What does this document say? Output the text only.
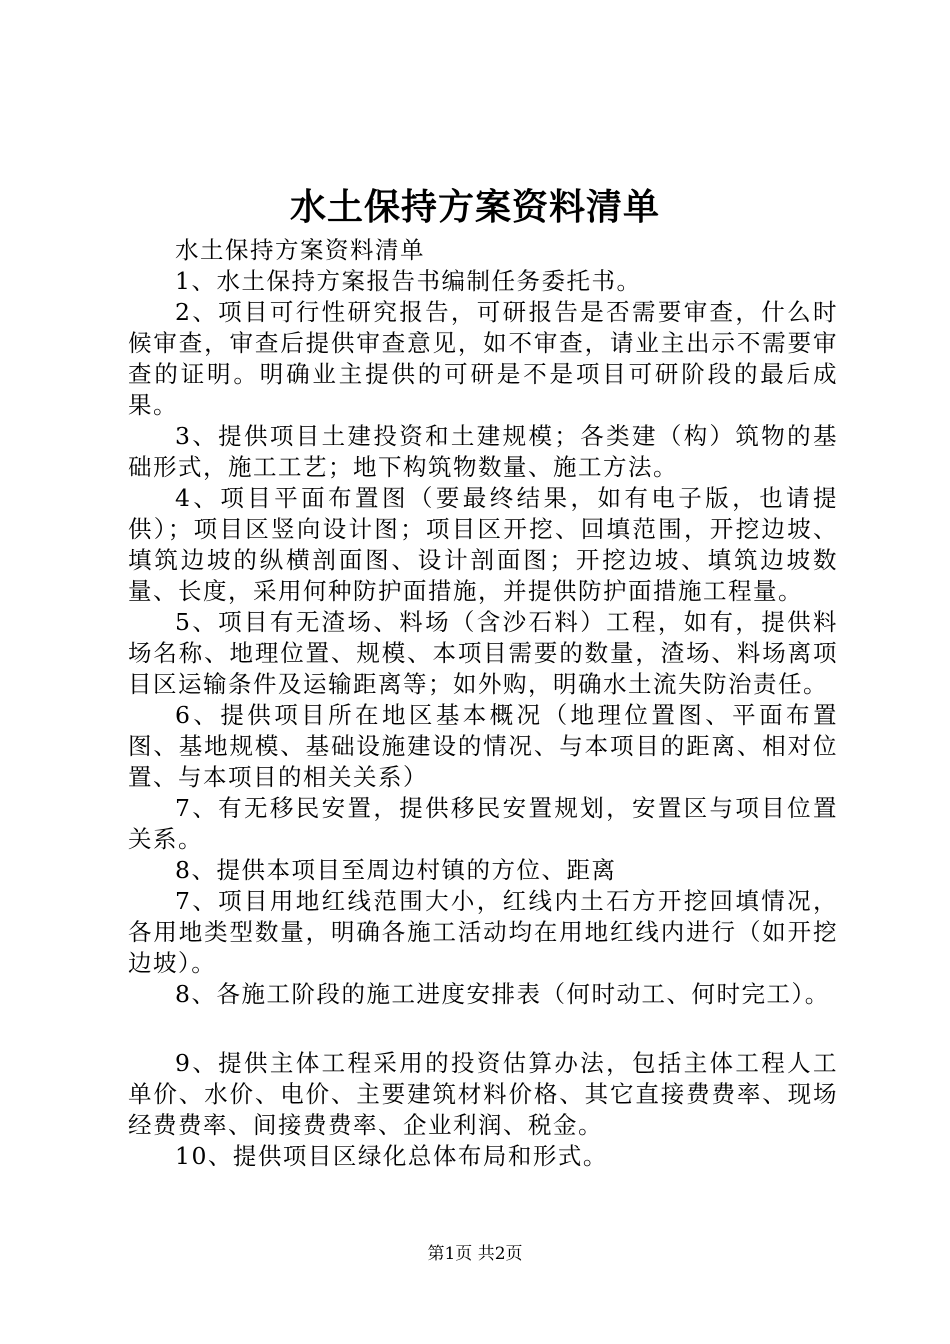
水土保持方案资料清单

水土保持方案资料清单

1、水土保持方案报告书编制任务委托书。

2、项目可行性研究报告，可研报告是否需要审查，什么时候审查，审查后提供审查意见，如不审查，请业主出示不需要审查的证明。明确业主提供的可研是不是项目可研阶段的最后成果。

3、提供项目土建投资和土建规模；各类建（构）筑物的基础形式，施工工艺；地下构筑物数量、施工方法。

4、项目平面布置图（要最终结果，如有电子版，也请提供）；项目区竖向设计图；项目区开挖、回填范围，开挖边坡、填筑边坡的纵横剖面图、设计剖面图；开挖边坡、填筑边坡数量、长度，采用何种防护面措施，并提供防护面措施工程量。

5、项目有无渣场、料场（含沙石料）工程，如有，提供料场名称、地理位置、规模、本项目需要的数量，渣场、料场离项目区运输条件及运输距离等；如外购，明确水土流失防治责任。

6、提供项目所在地区基本概况（地理位置图、平面布置图、基地规模、基础设施建设的情况、与本项目的距离、相对位置、与本项目的相关关系）

7、有无移民安置，提供移民安置规划，安置区与项目位置关系。

8、提供本项目至周边村镇的方位、距离

7、项目用地红线范围大小，红线内土石方开挖回填情况，各用地类型数量，明确各施工活动均在用地红线内进行（如开挖边坡）。

8、各施工阶段的施工进度安排表（何时动工、何时完工）。

9、提供主体工程采用的投资估算办法，包括主体工程人工单价、水价、电价、主要建筑材料价格、其它直接费费率、现场经费费率、间接费费率、企业利润、税金。

10、提供项目区绿化总体布局和形式。

第1页 共2页
